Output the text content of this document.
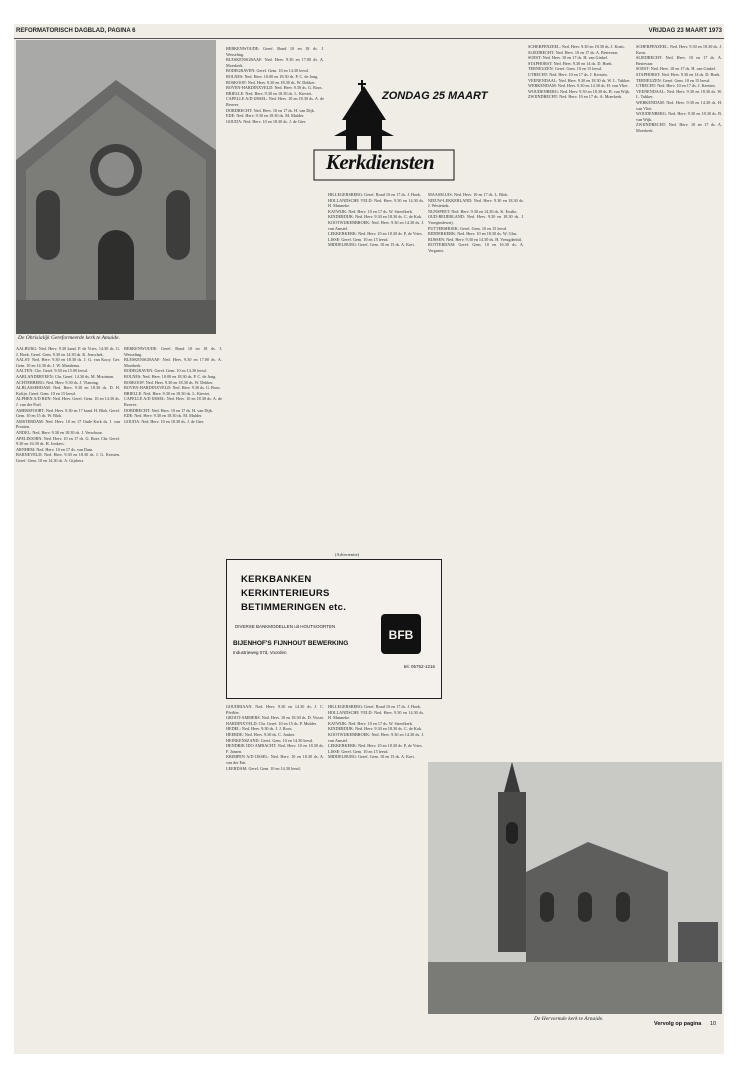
REFORMATORISCH DAGBLAD, PAGINA 6	VRIJDAG 23 MAART 1973
De Ohrisialijk Gereformeerde kerk te Amaide.
ZONDAG 25 MAART
Kerkdiensten

AALBURG: Ned. Herv. 9.30 kand. P. de Vries, 14.30 ds. G. J. Hoek. Geref. Gem. 9.30 en 14.30 ds. K. Jenschek.

AALST: Ned. Herv. 9.30 en 18.30 ds. J. G. van Kooy. Ger. Gem. 10 en 14.30 ds. J. W. Mandema.

AALTEN: Chr. Geref. 9.30 en 15.00 leesd.

AARLANDERVEEN: Chr. Geref. 14.30 ds. M. Mooiman.

ACHTERBERG: Ned. Herv. 9.30 ds. J. Vlaming.

ALBLASSERDAM: Ned. Herv. 9.30 en 18.30 ds. D. H. Kolijn. Geref. Gem. 10 en 15 leesd.

ALPHEN A/D RIJN: Ned. Herv. Geref. Gem. 10 en 14.30 ds. J. van der Poel.

AMERSFOORT: Ned. Herv. 9.30 en 17 kand. H. Blok. Geref. Gem. 10 en 15 ds. W. Blok.

AMSTERDAM: Ned. Herv. 10 en 17 Oude Kerk ds. J. van Prooien.

ANDEL: Ned. Herv. 9.30 en 18.30 ds. J. Verschuur.

APELDOORN: Ned. Herv. 10 en 17 ds. G. Boer. Chr. Geref. 9.30 en 16.30 ds. H. Jonkers.

ARNHEM: Ned. Herv. 10 en 17 ds. van Dam.

BARNEVELD: Ned. Herv. 9.30 en 18.30 ds. J. G. Kersten. Geref. Gem. 10 en 14.30 ds. A. Gijsbers.

BERKENWOUDE: Geref. Bond 10 en 18 ds. J. Wesseling.

BLESKENSGRAAF: Ned. Herv. 9.30 en 17.00 ds. A. Moerkerk.

BODEGRAVEN: Geref. Gem. 10 en 14.30 leesd.

BOLNES: Ned. Herv. 10.00 en 18.30 ds. P. C. de Jong.

BOSKOOP: Ned. Herv. 9.30 en 18.30 ds. W. Dekker.

BOVEN-HARDINXVELD: Ned. Herv. 9.30 ds. G. Roos.

BRIELLE: Ned. Herv. 9.30 en 18.30 ds. L. Kieviet.

CAPELLE A/D IJSSEL: Ned. Herv. 10 en 18.30 ds. A. de Reuver.

DORDRECHT: Ned. Herv. 10 en 17 ds. H. van Dijk.

EDE: Ned. Herv. 9.30 en 18.30 ds. M. Mulder.

GOUDA: Ned. Herv. 10 en 18.30 ds. J. de Gier.

BERKENWOUDE: Geref. Bond 10 en 18 ds. J. Wesseling.

BLESKENSGRAAF: Ned. Herv. 9.30 en 17.00 ds. A. Moerkerk.

BODEGRAVEN: Geref. Gem. 10 en 14.30 leesd.

BOLNES: Ned. Herv. 10.00 en 18.30 ds. P. C. de Jong.

BOSKOOP: Ned. Herv. 9.30 en 18.30 ds. W. Dekker.

BOVEN-HARDINXVELD: Ned. Herv. 9.30 ds. G. Roos.

BRIELLE: Ned. Herv. 9.30 en 18.30 ds. L. Kieviet.

CAPELLE A/D IJSSEL: Ned. Herv. 10 en 18.30 ds. A. de Reuver.

DORDRECHT: Ned. Herv. 10 en 17 ds. H. van Dijk.

EDE: Ned. Herv. 9.30 en 18.30 ds. M. Mulder.

GOUDA: Ned. Herv. 10 en 18.30 ds. J. de Gier.

GOUDRIAAN: Ned. Herv. 9.30 en 14.30 ds. J. C. Pfeiffer.

GROOT-AMMERS: Ned. Herv. 10 en 18.30 ds. D. Visser.

HARDINXVELD: Chr. Geref. 10 en 15 ds. P. Mulder.

HEDEL: Ned. Herv. 9.30 ds. J. J. Roos.

HEERDE: Ned. Herv. 9.30 ds. C. Jonker.

HEINKENSZAND: Geref. Gem. 10 en 14.30 leesd.

HENDRIK IDO AMBACHT: Ned. Herv. 10 en 18.30 ds. F. Jansen.

KRIMPEN A/D IJSSEL: Ned. Herv. 10 en 18.30 ds. A. van der Ent.

LEERDAM: Geref. Gem. 10 en 14.30 leesd.

HILLEGERSBERG: Geref. Bond 10 en 17 ds. J. Hoek.

HOLLANDSCHE VELD: Ned. Herv. 9.30 en 14.30 ds. H. Munneke.

KATWIJK: Ned. Herv. 10 en 17 ds. W. Streefkerk.

KINDERDIJK: Ned. Herv. 9.30 en 18.30 ds. C. de Kok.

KOOTWIJKERBROEK: Ned. Herv. 9.30 en 14.30 ds. J. van Amstel.

LEKKERKERK: Ned. Herv. 10 en 18.30 ds. P. de Vries.

LISSE: Geref. Gem. 10 en 15 leesd.

MIDDELBURG: Geref. Gem. 10 en 15 ds. A. Kort.

HILLEGERSBERG: Geref. Bond 10 en 17 ds. J. Hoek.

HOLLANDSCHE VELD: Ned. Herv. 9.30 en 14.30 ds. H. Munneke.

KATWIJK: Ned. Herv. 10 en 17 ds. W. Streefkerk.

KINDERDIJK: Ned. Herv. 9.30 en 18.30 ds. C. de Kok.

KOOTWIJKERBROEK: Ned. Herv. 9.30 en 14.30 ds. J. van Amstel.

LEKKERKERK: Ned. Herv. 10 en 18.30 ds. P. de Vries.

LISSE: Geref. Gem. 10 en 15 leesd.

MIDDELBURG: Geref. Gem. 10 en 15 ds. A. Kort.

MAASSLUIS: Ned. Herv. 10 en 17 ds. L. Blok.

NIEUW-LEKKERLAND: Ned. Herv. 9.30 en 18.30 ds. J. Westerink.

NUNSPEET: Ned. Herv. 9.30 en 14.30 ds. K. Exalto.

OUD-BEIJERLAND: Ned. Herv. 9.30 en 18.30 ds. J. Vroegindeweij.

PUTTERSHOEK: Geref. Gem. 10 en 15 leesd.

RIDDERKERK: Ned. Herv. 10 en 18.30 ds. W. Glas.

RIJSSEN: Ned. Herv. 9.30 en 14.30 ds. H. Vreugdenhil.

ROTTERDAM: Geref. Gem. 10 en 16.30 ds. A. Vergunst.

SCHERPENZEEL: Ned. Herv. 9.30 en 18.30 ds. J. Kruis.

SLIEDRECHT: Ned. Herv. 10 en 17 ds. A. Bestevaar.

SOEST: Ned. Herv. 10 en 17 ds. H. van Ginkel.

STAPHORST: Ned. Herv. 9.30 en 14 ds. D. Hoek.

TERNEUZEN: Geref. Gem. 10 en 15 leesd.

UTRECHT: Ned. Herv. 10 en 17 ds. J. Kersten.

VEENENDAAL: Ned. Herv. 9.30 en 18.30 ds. W. L. Tukker.

WERKENDAM: Ned. Herv. 9.30 en 14.30 ds. H. van Vliet.

WOUDENBERG: Ned. Herv. 9.30 en 18.30 ds. B. van Wijk.

ZWIJNDRECHT: Ned. Herv. 10 en 17 ds. A. Moerkerk.

SCHERPENZEEL: Ned. Herv. 9.30 en 18.30 ds. J. Kruis.

SLIEDRECHT: Ned. Herv. 10 en 17 ds. A. Bestevaar.

SOEST: Ned. Herv. 10 en 17 ds. H. van Ginkel.

STAPHORST: Ned. Herv. 9.30 en 14 ds. D. Hoek.

TERNEUZEN: Geref. Gem. 10 en 15 leesd.

UTRECHT: Ned. Herv. 10 en 17 ds. J. Kersten.

VEENENDAAL: Ned. Herv. 9.30 en 18.30 ds. W. L. Tukker.

WERKENDAM: Ned. Herv. 9.30 en 14.30 ds. H. van Vliet.

WOUDENBERG: Ned. Herv. 9.30 en 18.30 ds. B. van Wijk.

ZWIJNDRECHT: Ned. Herv. 10 en 17 ds. A. Moerkerk.

(Advertentie)
KERKBANKEN
KERKINTERIEURS
BETIMMERINGEN etc.
DIVERSE BANKMODELLEN uit HOUTSOORTEN
BIJENHOF'S FIJNHOUT BEWERKING
Industrieweg 07d, Voorden
tel. 05752-1216
BFB
De Hervormde kerk te Arnaide.
Vervolg op pagina 10
